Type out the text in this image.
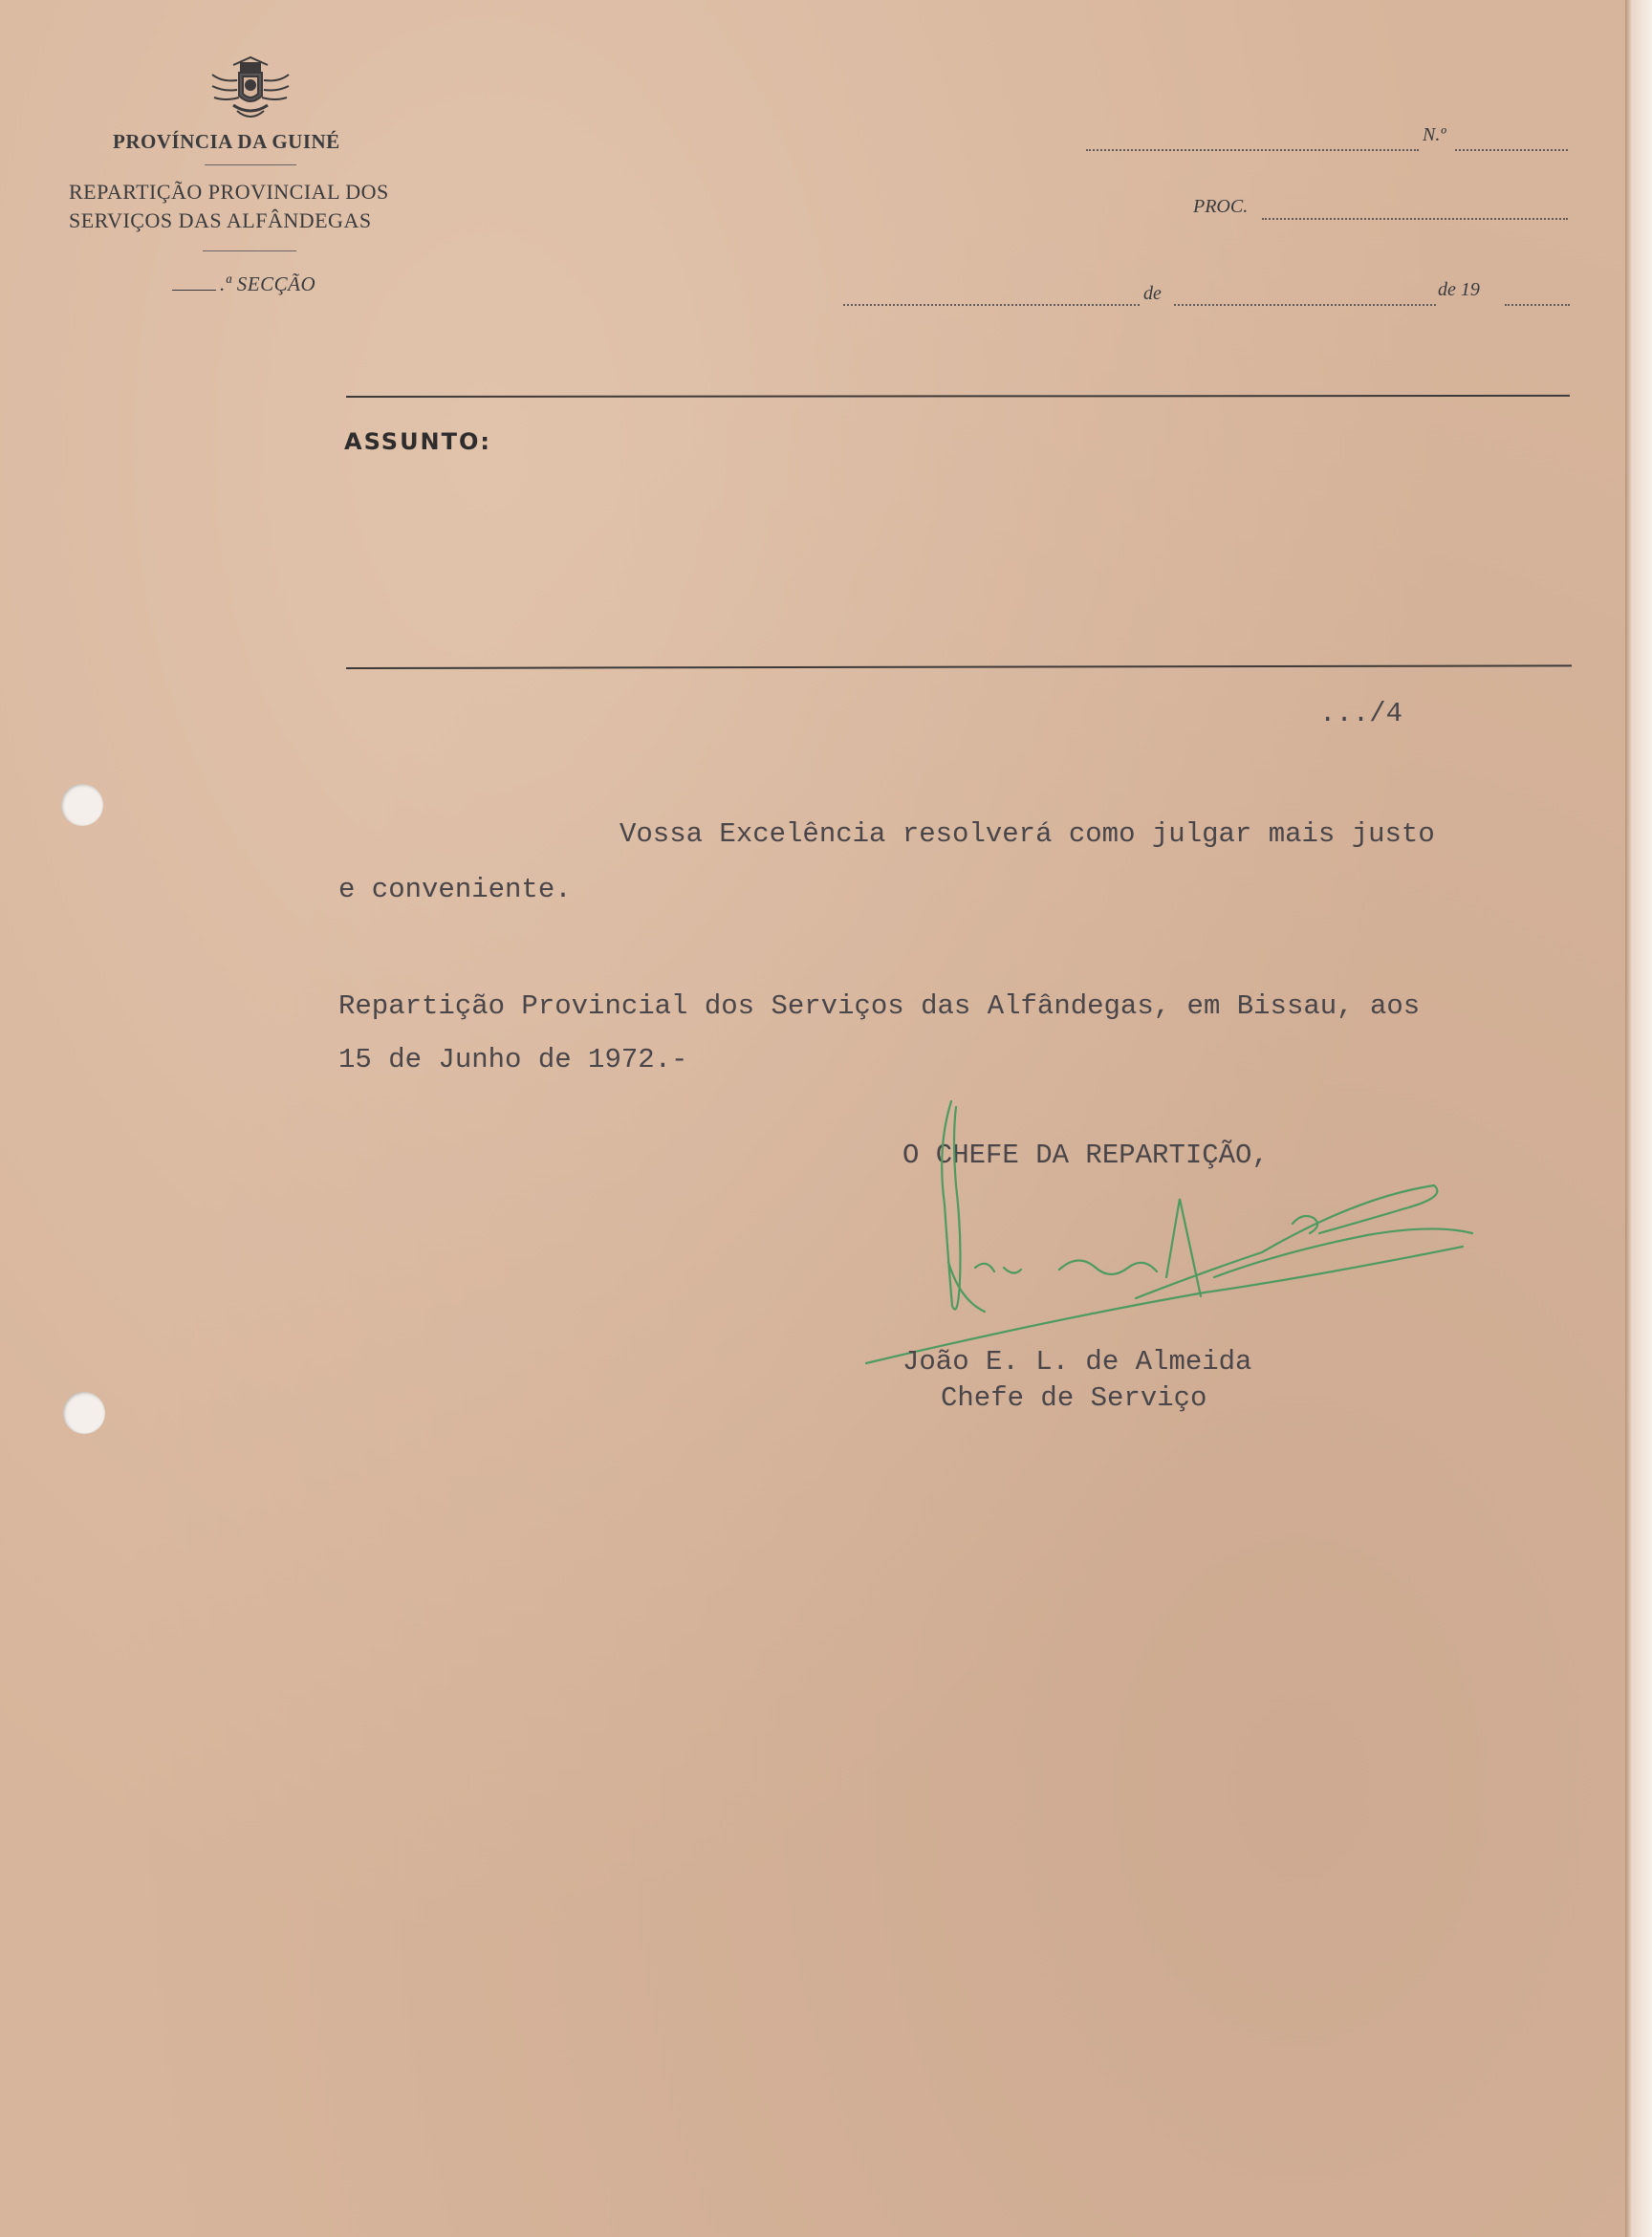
PROVÍNCIA DA GUINÉ
REPARTIÇÃO PROVINCIAL DOS
SERVIÇOS DAS ALFÂNDEGAS
.ª SECÇÃO
N.º
PROC.
de	de 19
ASSUNTO:
.../4
Vossa Excelência resolverá como julgar mais justo
e conveniente.
Repartição Provincial dos Serviços das Alfândegas, em Bissau, aos
15 de Junho de 1972.-
O CHEFE DA REPARTIÇÃO,
João E. L. de Almeida
Chefe de Serviço
